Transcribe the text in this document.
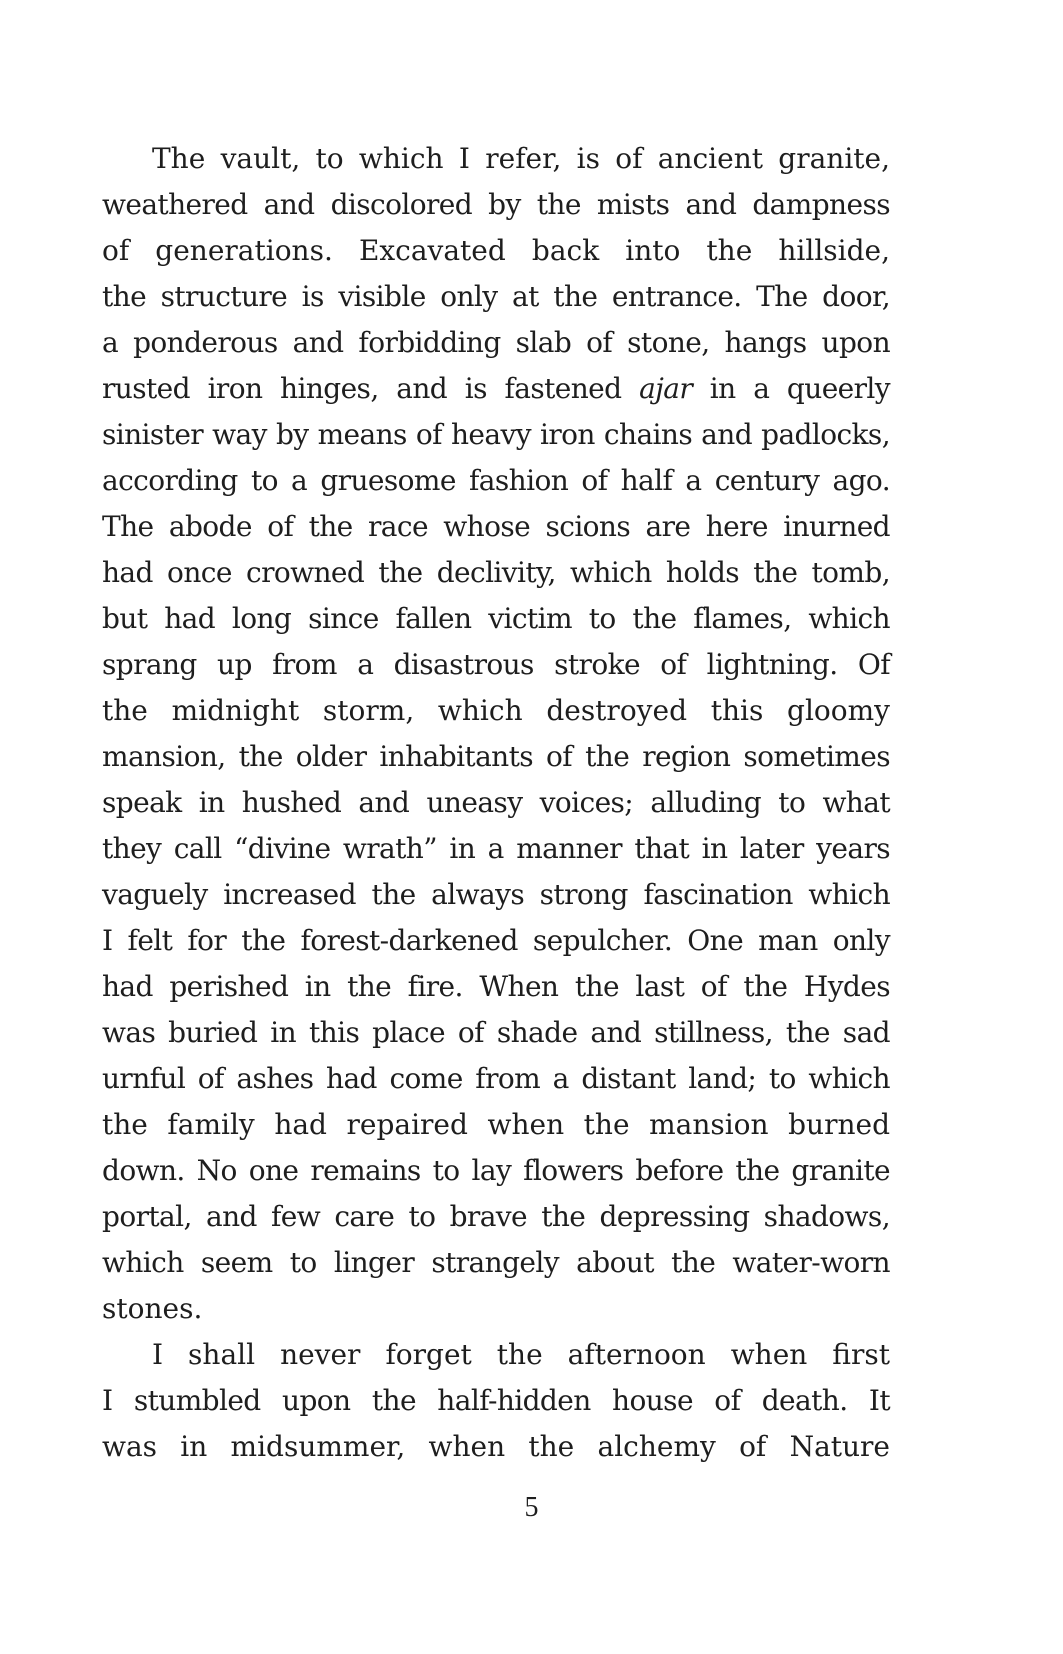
The vault, to which I refer, is of ancient granite,
weathered and discolored by the mists and dampness
of generations. Excavated back into the hillside,
the structure is visible only at the entrance. The door,
a ponderous and forbidding slab of stone, hangs upon
rusted iron hinges, and is fastened ajar in a queerly
sinister way by means of heavy iron chains and padlocks,
according to a gruesome fashion of half a century ago.
The abode of the race whose scions are here inurned
had once crowned the declivity, which holds the tomb,
but had long since fallen victim to the flames, which
sprang up from a disastrous stroke of lightning. Of
the midnight storm, which destroyed this gloomy
mansion, the older inhabitants of the region sometimes
speak in hushed and uneasy voices; alluding to what
they call “divine wrath” in a manner that in later years
vaguely increased the always strong fascination which
I felt for the forest-darkened sepulcher. One man only
had perished in the fire. When the last of the Hydes
was buried in this place of shade and stillness, the sad
urnful of ashes had come from a distant land; to which
the family had repaired when the mansion burned
down. No one remains to lay flowers before the granite
portal, and few care to brave the depressing shadows,
which seem to linger strangely about the water-worn
stones.
I shall never forget the afternoon when first
I stumbled upon the half-hidden house of death. It
was in midsummer, when the alchemy of Nature
5
